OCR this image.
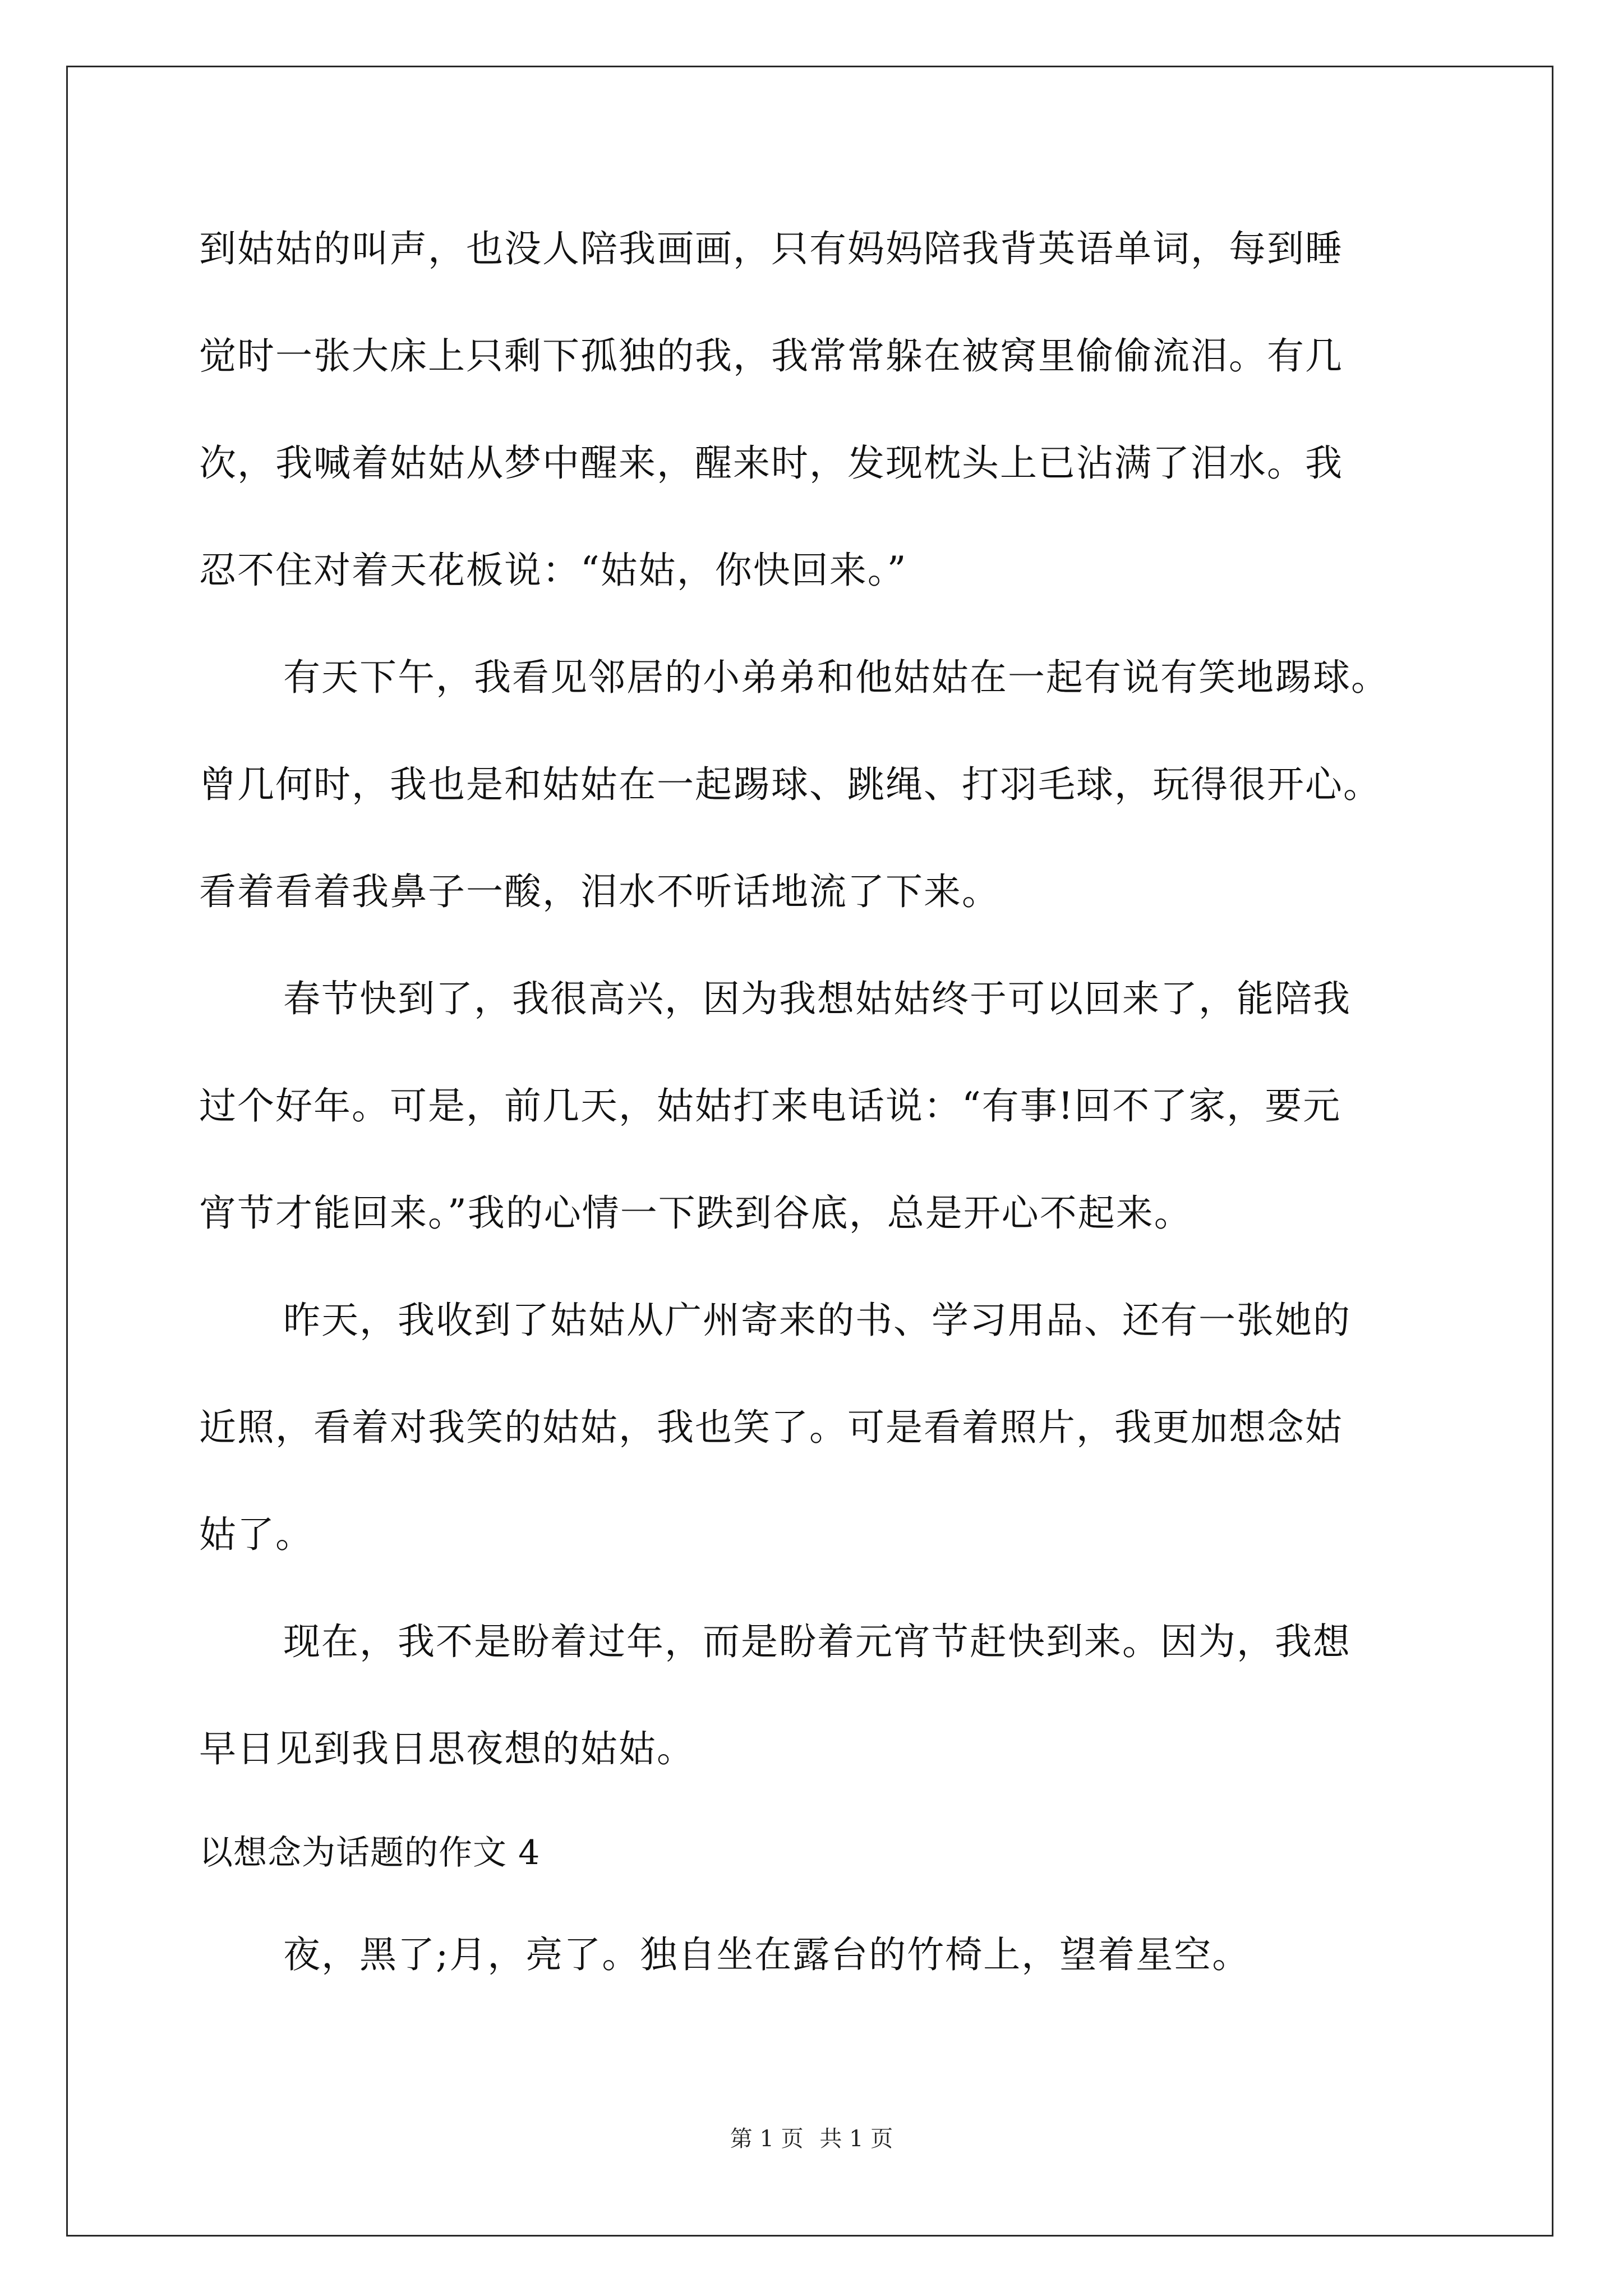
到姑姑的叫声，也没人陪我画画，只有妈妈陪我背英语单词，每到睡
觉时一张大床上只剩下孤独的我，我常常躲在被窝里偷偷流泪。有几
次，我喊着姑姑从梦中醒来，醒来时，发现枕头上已沾满了泪水。我
忍不住对着天花板说：“姑姑，你快回来。”
有天下午，我看见邻居的小弟弟和他姑姑在一起有说有笑地踢球。
曾几何时，我也是和姑姑在一起踢球、跳绳、打羽毛球，玩得很开心。
看着看着我鼻子一酸，泪水不听话地流了下来。
春节快到了，我很高兴，因为我想姑姑终于可以回来了，能陪我
过个好年。可是，前几天，姑姑打来电话说：“有事!回不了家，要元
宵节才能回来。”我的心情一下跌到谷底，总是开心不起来。
昨天，我收到了姑姑从广州寄来的书、学习用品、还有一张她的
近照，看着对我笑的姑姑，我也笑了。可是看着照片，我更加想念姑
姑了。
现在，我不是盼着过年，而是盼着元宵节赶快到来。因为，我想
早日见到我日思夜想的姑姑。
以想念为话题的作文 4
夜，黑了;月，亮了。独自坐在露台的竹椅上，望着星空。
第 1 页 共 1 页
